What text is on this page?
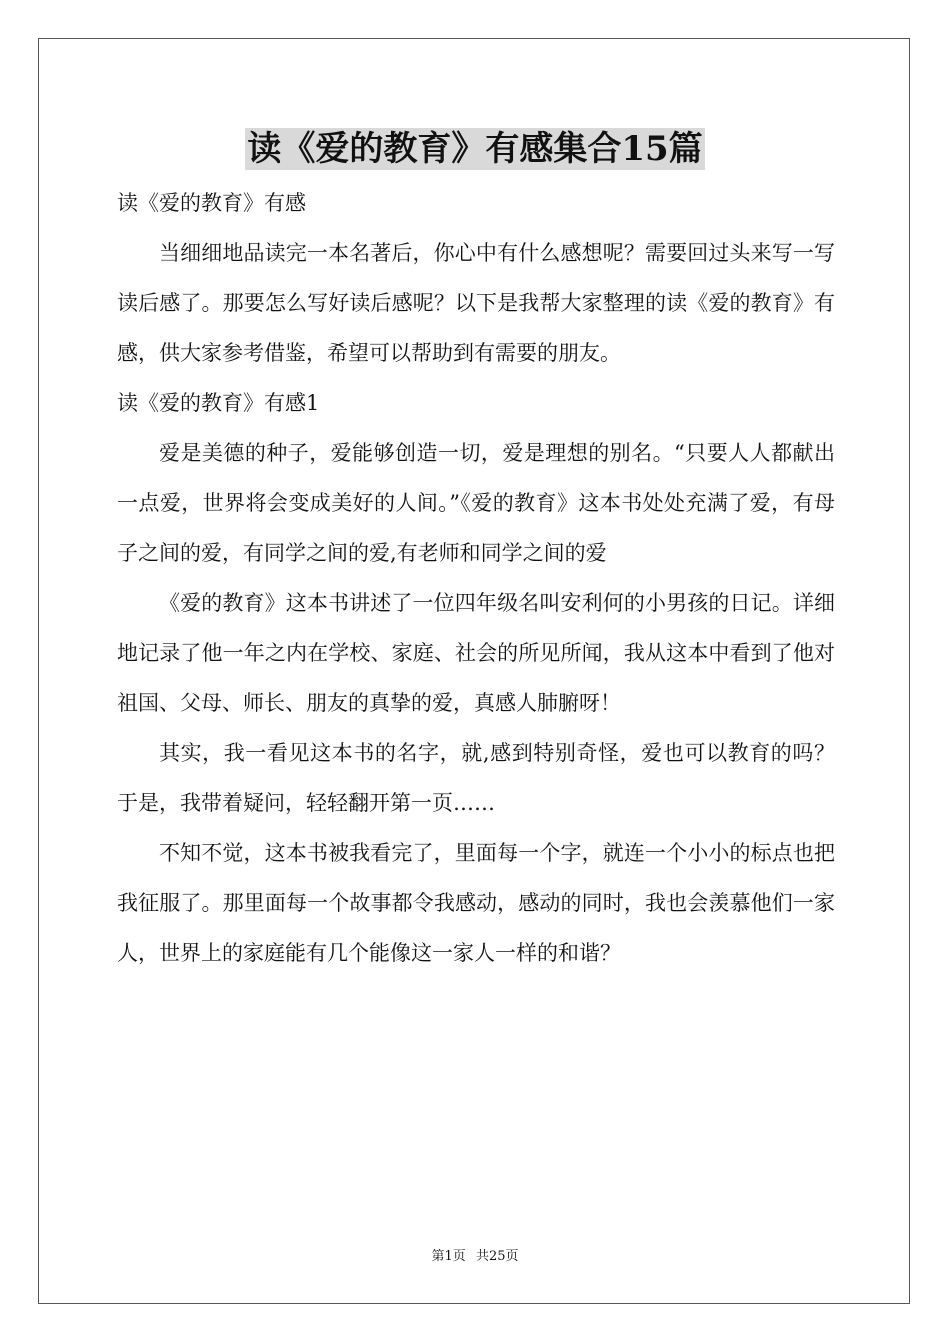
读《爱的教育》有感集合15篇

读《爱的教育》有感

当细细地品读完一本名著后，你心中有什么感想呢？需要回过头来写一写读后感了。那要怎么写好读后感呢？以下是我帮大家整理的读《爱的教育》有感，供大家参考借鉴，希望可以帮助到有需要的朋友。

读《爱的教育》有感1

爱是美德的种子，爱能够创造一切，爱是理想的别名。“只要人人都献出一点爱，世界将会变成美好的人间。”《爱的教育》这本书处处充满了爱，有母子之间的爱，有同学之间的爱,有老师和同学之间的爱

《爱的教育》这本书讲述了一位四年级名叫安利何的小男孩的日记。详细地记录了他一年之内在学校、家庭、社会的所见所闻，我从这本中看到了他对祖国、父母、师长、朋友的真挚的爱，真感人肺腑呀！

其实，我一看见这本书的名字，就,感到特别奇怪，爱也可以教育的吗？于是，我带着疑问，轻轻翻开第一页……

不知不觉，这本书被我看完了，里面每一个字，就连一个小小的标点也把我征服了。那里面每一个故事都令我感动，感动的同时，我也会羡慕他们一家人，世界上的家庭能有几个能像这一家人一样的和谐？

第1页 共25页
